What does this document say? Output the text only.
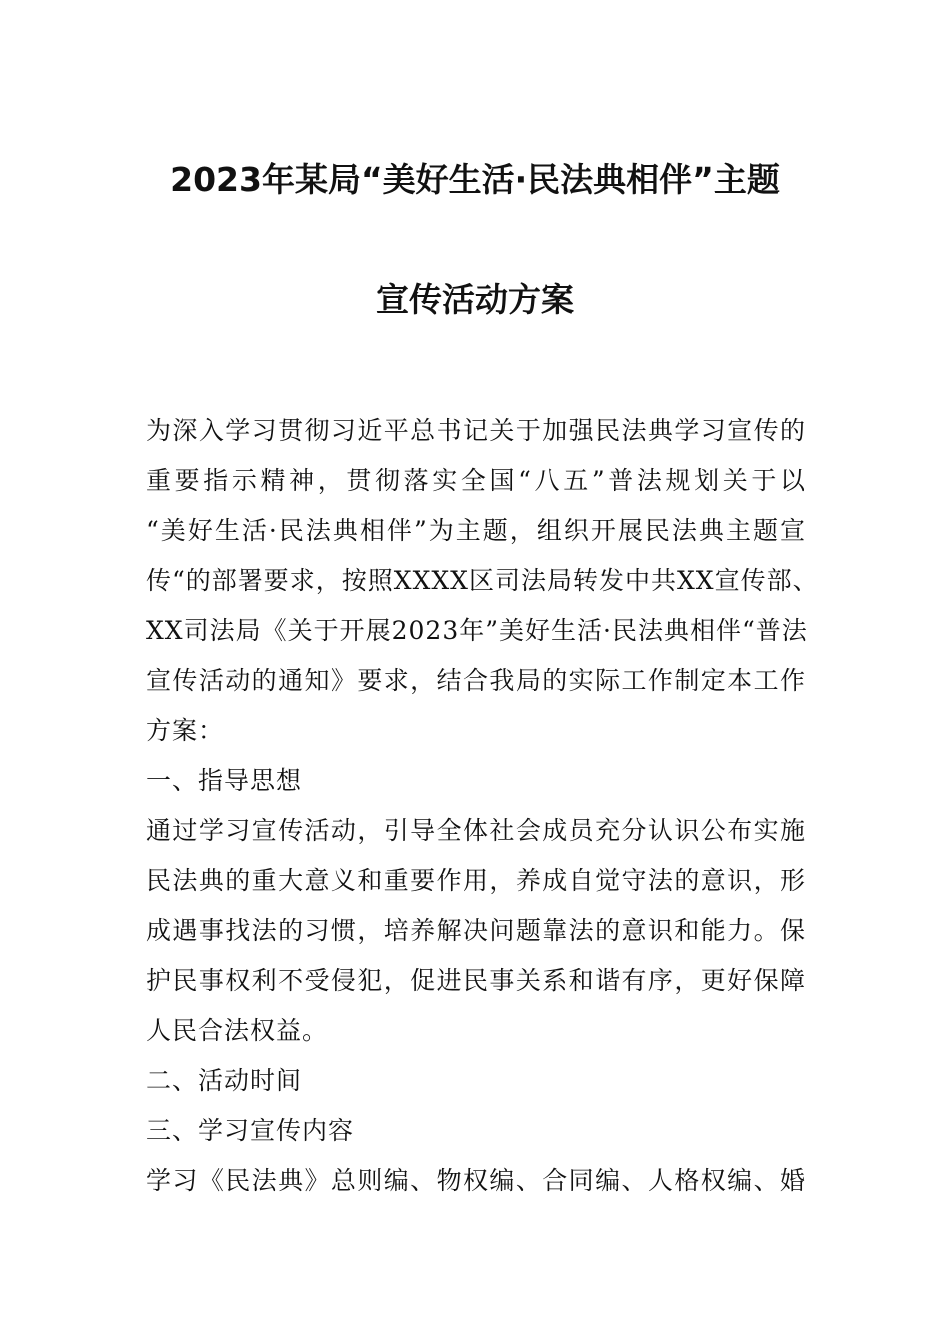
2023年某局“美好生活·民法典相伴”主题
宣传活动方案
为深入学习贯彻习近平总书记关于加强民法典学习宣传的
重要指示精神，贯彻落实全国“八五”普法规划关于以
“美好生活·民法典相伴”为主题，组织开展民法典主题宣
传“的部署要求，按照XXXX区司法局转发中共XX宣传部、
XX司法局《关于开展2023年”美好生活·民法典相伴“普法
宣传活动的通知》要求，结合我局的实际工作制定本工作
方案：
一、指导思想
通过学习宣传活动，引导全体社会成员充分认识公布实施
民法典的重大意义和重要作用，养成自觉守法的意识，形
成遇事找法的习惯，培养解决问题靠法的意识和能力。保
护民事权利不受侵犯，促进民事关系和谐有序，更好保障
人民合法权益。
二、活动时间
三、学习宣传内容
学习《民法典》总则编、物权编、合同编、人格权编、婚
